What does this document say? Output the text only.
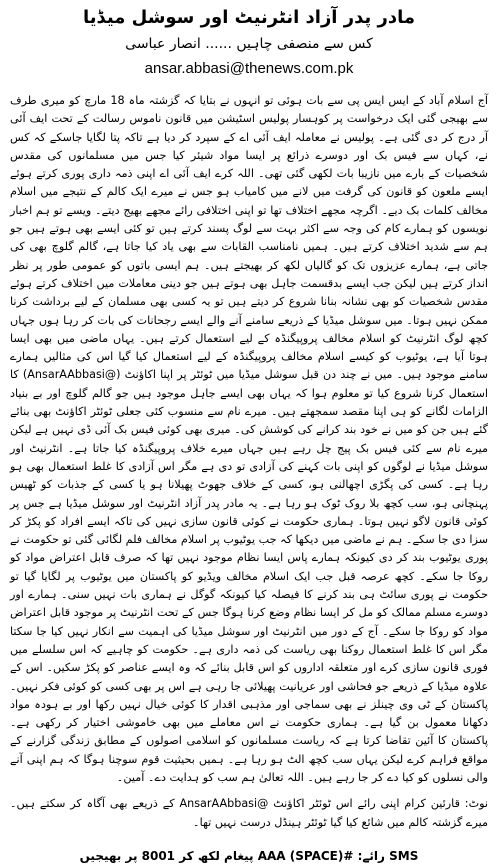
مادر پدر آزاد انٹرنیٹ اور سوشل میڈیا
کس سے منصفی چاہیں ...... انصار عباسی
ansar.abbasi@thenews.com.pk

آج اسلام آباد کے ایس ایس پی سے بات ہوئی تو انہوں نے بتایا کہ گزشتہ ماہ 18 مارچ کو میری طرف سے بھیجی گئی ایک درخواست پر کوہسار پولیس اسٹیشن میں قانون ناموس رسالت کے تحت ایف آئی آر درج کر دی گئی ہے۔ پولیس نے معاملہ ایف آئی اے کے سپرد کر دیا ہے تاکہ پتا لگایا جاسکے کہ کس نے، کہاں سے فیس بک اور دوسرے ذرائع پر ایسا مواد شیئر کیا جس میں مسلمانوں کی مقدس شخصیات کے بارے میں نازیبا بات لکھی گئی تھی۔ اللہ کرے ایف آئی اے اپنی ذمہ داری پوری کرتے ہوئے ایسے ملعون کو قانون کی گرفت میں لانے میں کامیاب ہو جس نے میرے ایک کالم کے نتیجے میں اسلام مخالف کلمات بک دیے۔ اگرچہ مجھے اختلاف تھا تو اپنی اختلافی رائے مجھے بھیج دیتے۔ ویسے تو ہم اخبار نویسوں کو ہمارے کام کی وجہ سے اکثر بہت سے لوگ پسند کرتے ہیں تو کئی ایسے بھی ہوتے ہیں جو ہم سے شدید اختلاف کرتے ہیں۔ ہمیں نامناسب القابات سے بھی یاد کیا جاتا ہے، گالم گلوچ بھی کی جاتی ہے، ہمارے عزیزوں تک کو گالیاں لکھ کر بھیجتے ہیں۔ ہم ایسی باتوں کو عمومی طور پر نظر انداز کرتے ہیں لیکن جب ایسے بدقسمت جاہل بھی ہوتے ہیں جو دینی معاملات میں اختلاف کرتے ہوئے مقدس شخصیات کو بھی نشانہ بنانا شروع کر دیتے ہیں تو یہ کسی بھی مسلمان کے لیے برداشت کرنا ممکن نہیں ہوتا۔ میں سوشل میڈیا کے ذریعے سامنے آنے والے ایسے رجحانات کی بات کر رہا ہوں جہاں کچھ لوگ انٹرنیٹ کو اسلام مخالف پروپیگنڈہ کے لیے استعمال کرتے ہیں۔ یہاں ماضی میں بھی ایسا ہوتا آیا ہے، یوٹیوب کو کیسے اسلام مخالف پروپیگنڈہ کے لیے استعمال کیا گیا اس کی مثالیں ہمارے سامنے موجود ہیں۔ میں نے چند دن قبل سوشل میڈیا میں ٹوئٹر پر اپنا اکاؤنٹ (@AnsarAAbbasi) کا استعمال کرنا شروع کیا تو معلوم ہوا کہ یہاں بھی ایسے جاہل موجود ہیں جو گالم گلوچ اور بے بنیاد الزامات لگانے کو ہی اپنا مقصد سمجھتے ہیں۔ میرے نام سے منسوب کئی جعلی ٹوئٹر اکاؤنٹ بھی بنائے گئے ہیں جن کو میں نے خود بند کرانے کی کوشش کی۔ میری بھی کوئی فیس بک آئی ڈی نہیں ہے لیکن میرے نام سے کئی فیس بک پیج چل رہے ہیں جہاں میرے خلاف پروپیگنڈہ کیا جاتا ہے۔ انٹرنیٹ اور سوشل میڈیا نے لوگوں کو اپنی بات کہنے کی آزادی تو دی ہے مگر اس آزادی کا غلط استعمال بھی ہو رہا ہے۔ کسی کی پگڑی اچھالنی ہو، کسی کے خلاف جھوٹ پھیلانا ہو یا کسی کے جذبات کو ٹھیس پہنچانی ہو، سب کچھ بلا روک ٹوک ہو رہا ہے۔ یہ مادر پدر آزاد انٹرنیٹ اور سوشل میڈیا ہے جس پر کوئی قانون لاگو نہیں ہوتا۔ ہماری حکومت نے کوئی قانون سازی نہیں کی تاکہ ایسے افراد کو پکڑ کر سزا دی جا سکے۔ ہم نے ماضی میں دیکھا کہ جب یوٹیوب پر اسلام مخالف فلم لگائی گئی تو حکومت نے پوری یوٹیوب بند کر دی کیونکہ ہمارے پاس ایسا نظام موجود نہیں تھا کہ صرف قابل اعتراض مواد کو روکا جا سکے۔ کچھ عرصہ قبل جب ایک اسلام مخالف ویڈیو کو پاکستان میں یوٹیوب پر لگایا گیا تو حکومت نے پوری سائٹ ہی بند کرنے کا فیصلہ کیا کیونکہ گوگل نے ہماری بات نہیں سنی۔ ہمارے اور دوسرے مسلم ممالک کو مل کر ایسا نظام وضع کرنا ہوگا جس کے تحت انٹرنیٹ پر موجود قابل اعتراض مواد کو روکا جا سکے۔ آج کے دور میں انٹرنیٹ اور سوشل میڈیا کی اہمیت سے انکار نہیں کیا جا سکتا مگر اس کا غلط استعمال روکنا بھی ریاست کی ذمہ داری ہے۔ حکومت کو چاہیے کہ اس سلسلے میں فوری قانون سازی کرے اور متعلقہ اداروں کو اس قابل بنائے کہ وہ ایسے عناصر کو پکڑ سکیں۔ اس کے علاوہ میڈیا کے ذریعے جو فحاشی اور عریانیت پھیلائی جا رہی ہے اس پر بھی کسی کو کوئی فکر نہیں۔ پاکستان کے ٹی وی چینلز نے بھی سماجی اور مذہبی اقدار کا کوئی خیال نہیں رکھا اور بے ہودہ مواد دکھانا معمول بن گیا ہے۔ ہماری حکومت نے اس معاملے میں بھی خاموشی اختیار کر رکھی ہے۔ پاکستان کا آئین تقاضا کرتا ہے کہ ریاست مسلمانوں کو اسلامی اصولوں کے مطابق زندگی گزارنے کے مواقع فراہم کرے لیکن یہاں سب کچھ الٹ ہو رہا ہے۔ ہمیں بحیثیت قوم سوچنا ہوگا کہ ہم اپنی آنے والی نسلوں کو کیا دے کر جا رہے ہیں۔ اللہ تعالیٰ ہم سب کو ہدایت دے۔ آمین۔

نوٹ: قارئین کرام اپنی رائے اس ٹوئٹر اکاؤنٹ @AnsarAAbbasi کے ذریعے بھی آگاہ کر سکتے ہیں۔ میرے گزشتہ کالم میں شائع کیا گیا ٹوئٹر ہینڈل درست نہیں تھا۔
SMS رائے: #AAA (SPACE) پیغام لکھ کر 8001 پر بھیجیں
